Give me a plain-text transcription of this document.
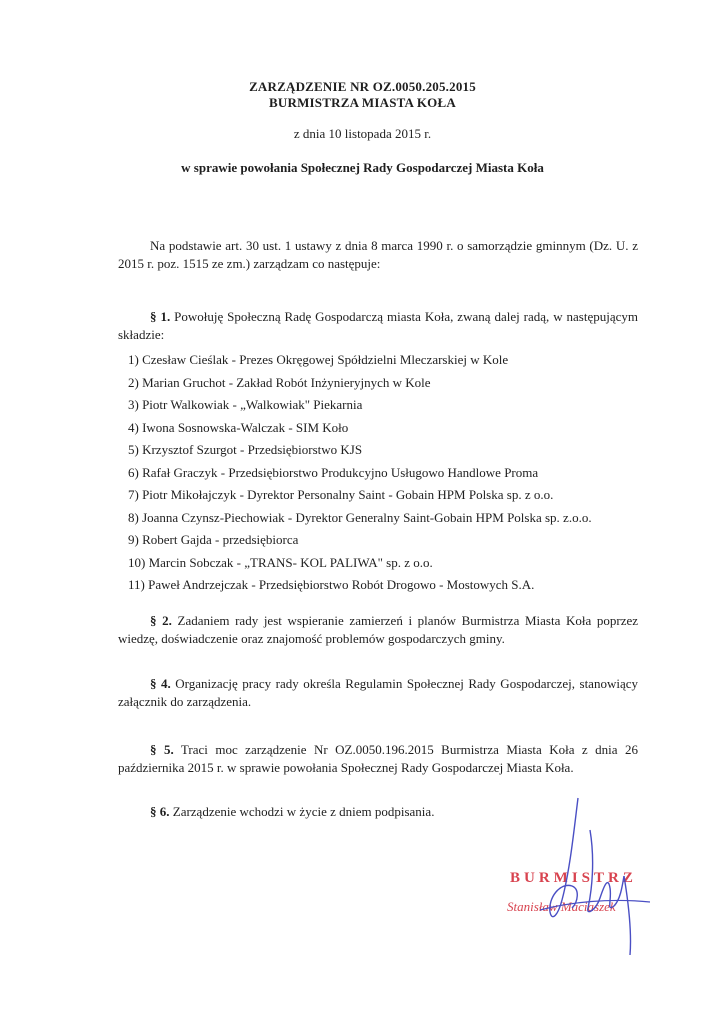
ZARZĄDZENIE NR OZ.0050.205.2015

BURMISTRZA MIASTA KOŁA

z dnia 10 listopada 2015 r.

w sprawie powołania Społecznej Rady Gospodarczej Miasta Koła

Na podstawie art. 30 ust. 1 ustawy z dnia 8 marca 1990 r. o samorządzie gminnym (Dz. U. z 2015 r. poz. 1515 ze zm.) zarządzam co następuje:

§ 1. Powołuję Społeczną Radę Gospodarczą miasta Koła, zwaną dalej radą, w następującym składzie:

1) Czesław Cieślak - Prezes Okręgowej Spółdzielni Mleczarskiej w Kole
2) Marian Gruchot - Zakład Robót Inżynieryjnych w Kole
3) Piotr Walkowiak - „Walkowiak" Piekarnia
4) Iwona Sosnowska-Walczak - SIM Koło
5) Krzysztof Szurgot - Przedsiębiorstwo KJS
6) Rafał Graczyk - Przedsiębiorstwo Produkcyjno Usługowo Handlowe Proma
7) Piotr Mikołajczyk - Dyrektor Personalny Saint - Gobain HPM Polska sp. z o.o.
8) Joanna Czynsz-Piechowiak - Dyrektor Generalny Saint-Gobain HPM Polska sp. z.o.o.
9) Robert Gajda - przedsiębiorca
10) Marcin Sobczak - „TRANS- KOL PALIWA" sp. z o.o.
11) Paweł Andrzejczak - Przedsiębiorstwo Robót Drogowo - Mostowych S.A.

§ 2. Zadaniem rady jest wspieranie zamierzeń i planów Burmistrza Miasta Koła poprzez wiedzę, doświadczenie oraz znajomość problemów gospodarczych gminy.

§ 4. Organizację pracy rady określa Regulamin Społecznej Rady Gospodarczej, stanowiący załącznik do zarządzenia.

§ 5. Traci moc zarządzenie Nr OZ.0050.196.2015 Burmistrza Miasta Koła z dnia 26 października 2015 r. w sprawie powołania Społecznej Rady Gospodarczej Miasta Koła.

§ 6. Zarządzenie wchodzi w życie z dniem podpisania.

BURMISTRZ

Stanisław Maciaszek
